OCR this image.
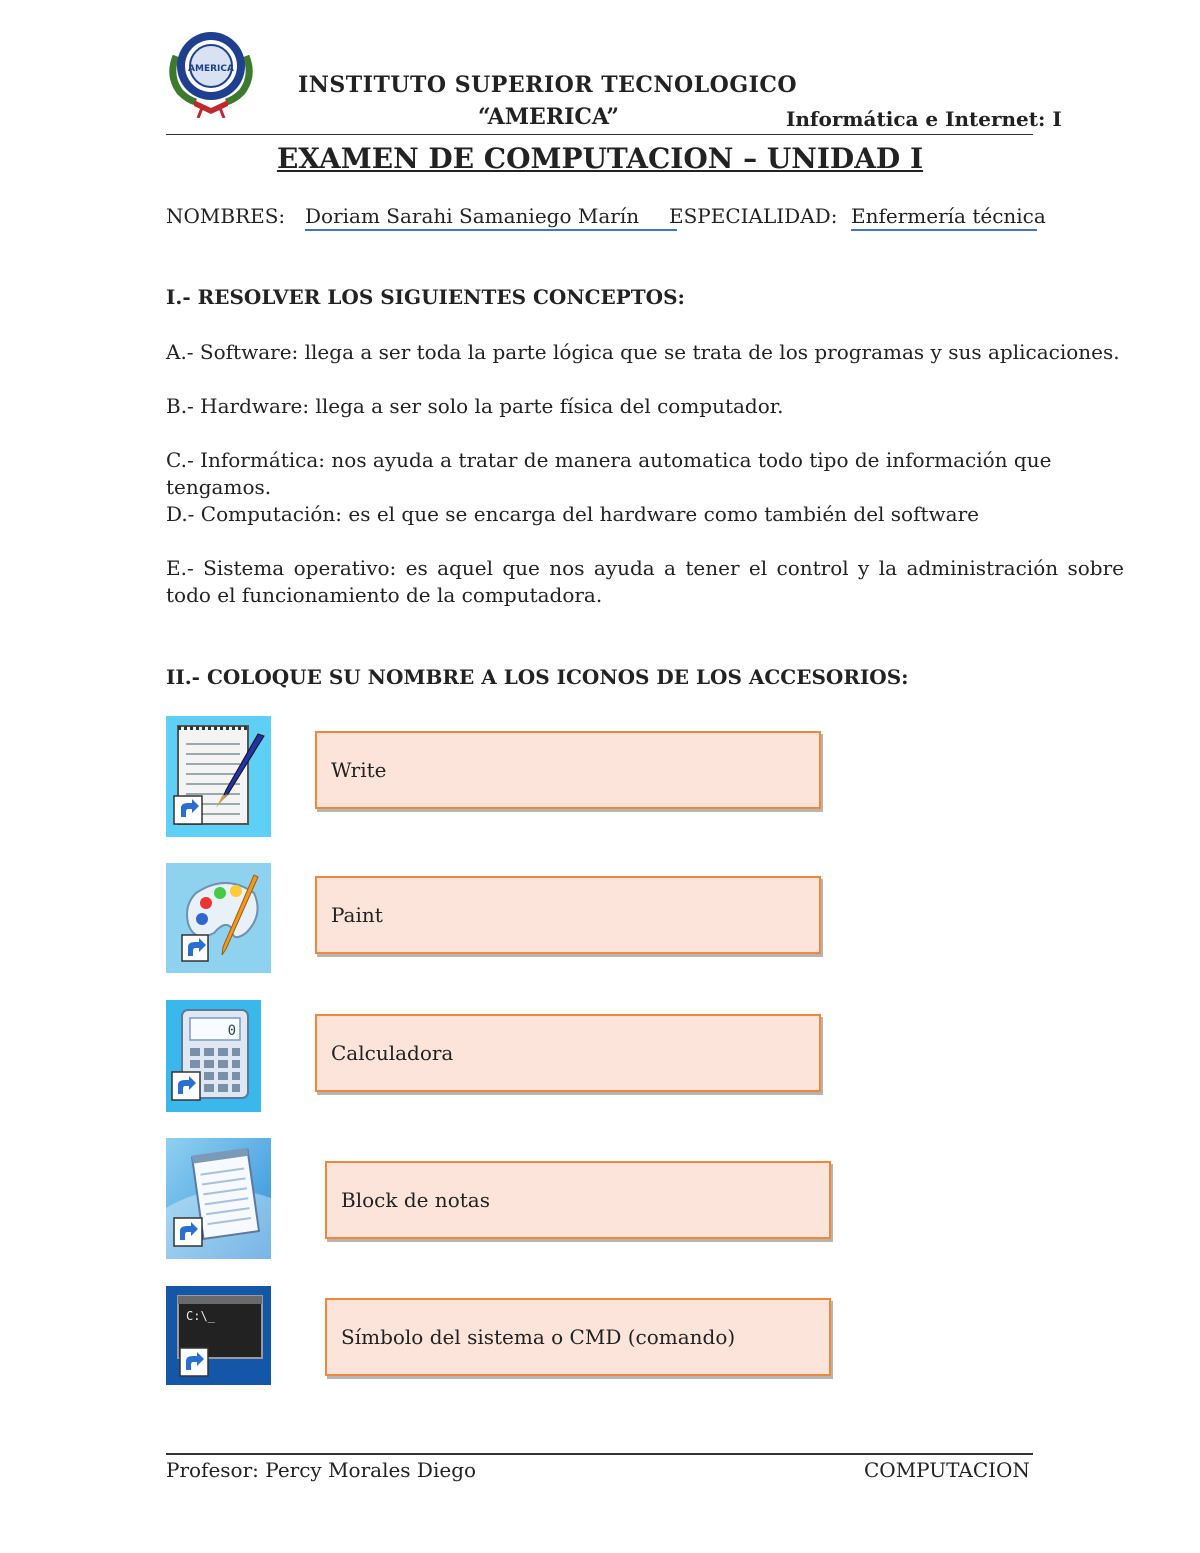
AMERICA
INSTITUTO SUPERIOR TECNOLOGICO
“AMERICA”	Informática e Internet: I
EXAMEN DE COMPUTACION – UNIDAD I
NOMBRES: Doriam Sarahi Samaniego Marín ESPECIALIDAD: Enfermería técnica
I.- RESOLVER LOS SIGUIENTES CONCEPTOS:
A.- Software: llega a ser toda la parte lógica que se trata de los programas y sus aplicaciones.
B.- Hardware: llega a ser solo la parte física del computador.
C.- Informática: nos ayuda a tratar de manera automatica todo tipo de información que tengamos.
D.- Computación: es el que se encarga del hardware como también del software
E.- Sistema operativo: es aquel que nos ayuda a tener el control y la administración sobre todo el funcionamiento de la computadora.
II.- COLOQUE SU NOMBRE A LOS ICONOS DE LOS ACCESORIOS:
Write
Paint
0
Calculadora
Block de notas
C:\_
Símbolo del sistema o CMD (comando)
Profesor: Percy Morales Diego	COMPUTACION
